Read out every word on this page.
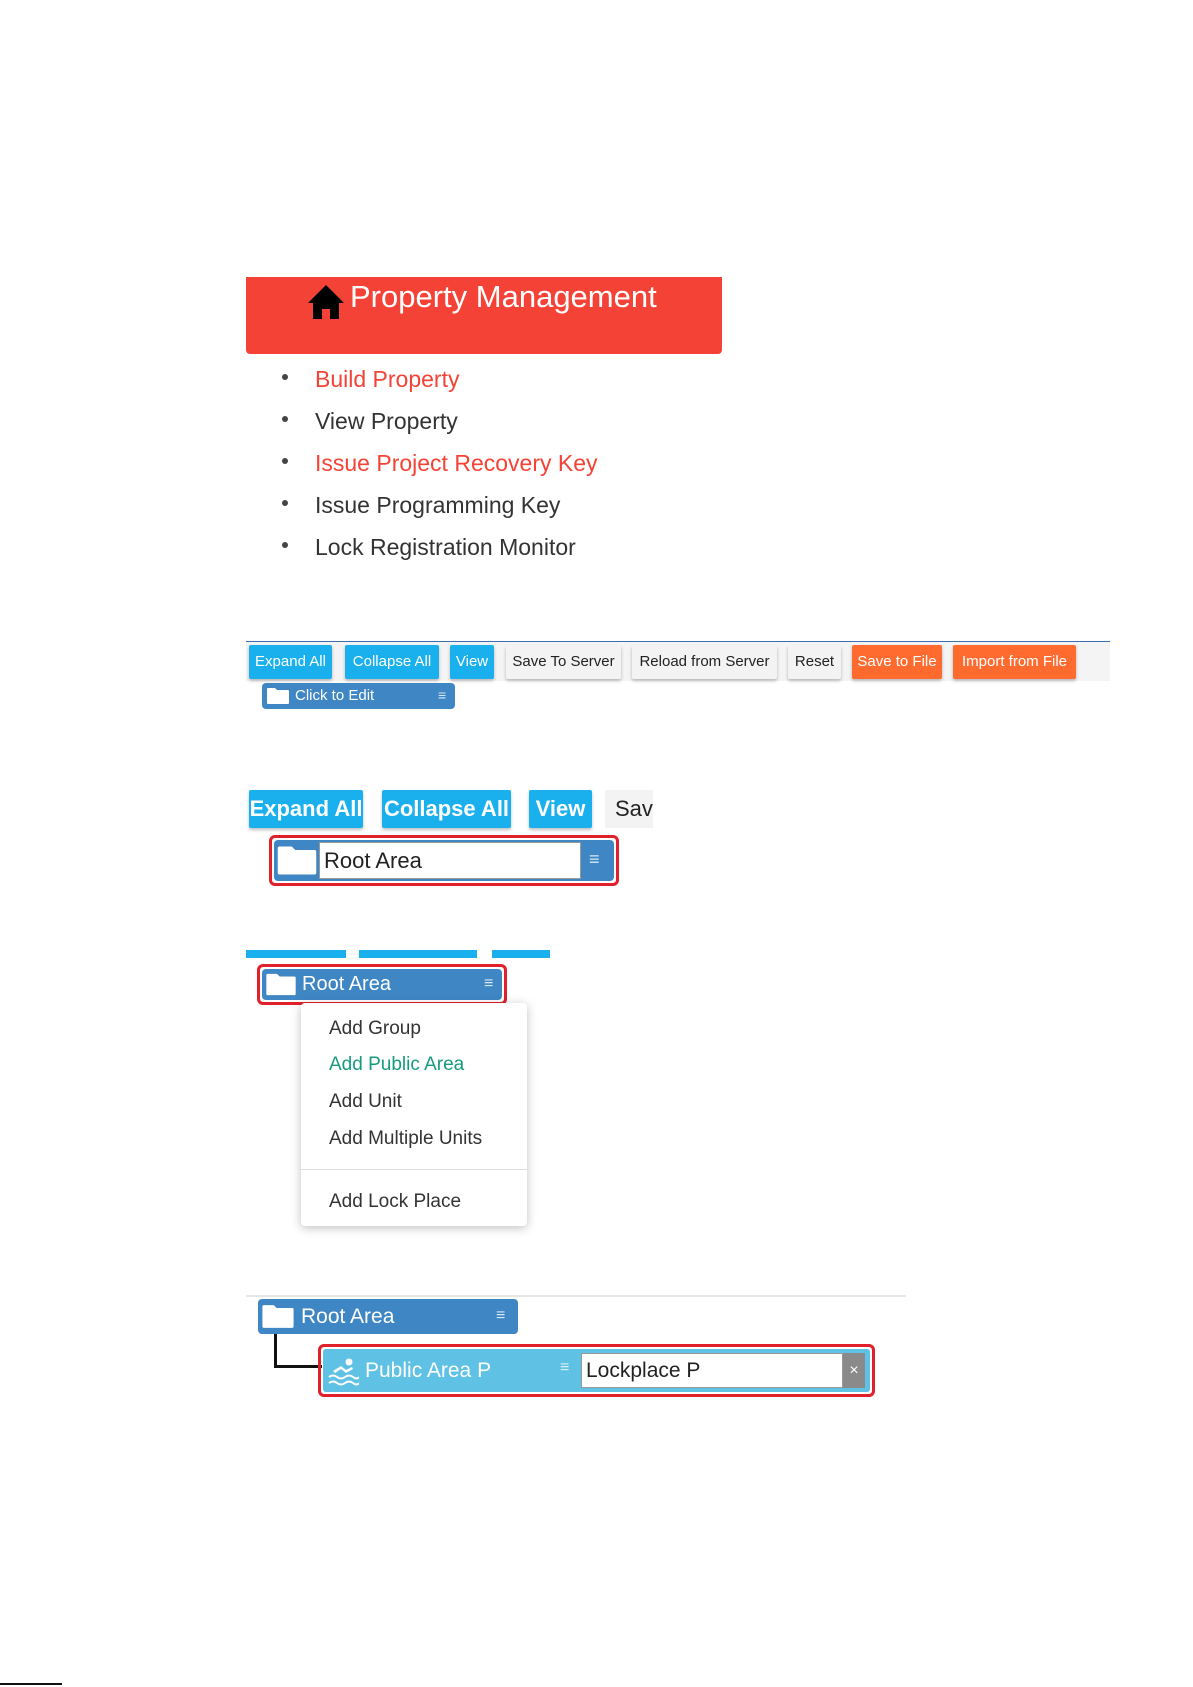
Property Management
Build Property
View Property
Issue Project Recovery Key
Issue Programming Key
Lock Registration Monitor
Expand All	Collapse All	View	Save To Server	Reload from Server	Reset	Save to File	Import from File
Click to Edit	≡
Expand All Collapse All	View	Sav
Root Area
≡
Root Area	≡
Add Group
Add Public Area
Add Unit
Add Multiple Units
Add Lock Place
Root Area	≡
Public Area P	≡
Lockplace P	×
